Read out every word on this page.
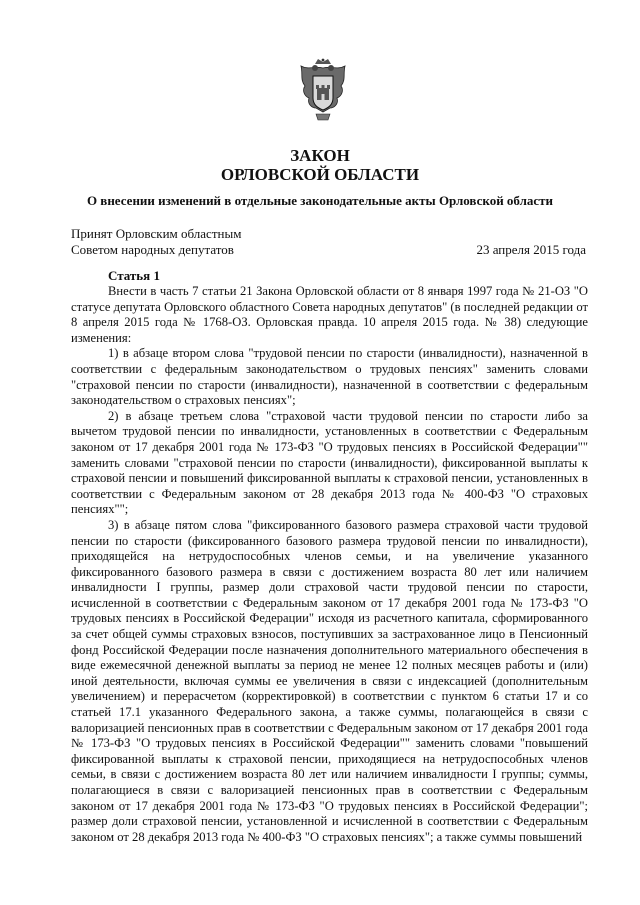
ЗАКОН
ОРЛОВСКОЙ ОБЛАСТИ
О внесении изменений в отдельные законодательные акты Орловской области
Принят Орловским областным
Советом народных депутатов	23 апреля 2015 года
Статья 1

Внести в часть 7 статьи 21 Закона Орловской области от 8 января 1997 года № 21-ОЗ "О статусе депутата Орловского областного Совета народных депутатов" (в последней редакции от 8 апреля 2015 года № 1768-ОЗ. Орловская правда. 10 апреля 2015 года. № 38) следующие изменения:

1) в абзаце втором слова "трудовой пенсии по старости (инвалидности), назначенной в соответствии с федеральным законодательством о трудовых пенсиях" заменить словами "страховой пенсии по старости (инвалидности), назначенной в соответствии с федеральным законодательством о страховых пенсиях";

2) в абзаце третьем слова "страховой части трудовой пенсии по старости либо за вычетом трудовой пенсии по инвалидности, установленных в соответствии с Федеральным законом от 17 декабря 2001 года № 173-ФЗ "О трудовых пенсиях в Российской Федерации"" заменить словами "страховой пенсии по старости (инвалидности), фиксированной выплаты к страховой пенсии и повышений фиксированной выплаты к страховой пенсии, установленных в соответствии с Федеральным законом от 28 декабря 2013 года № 400-ФЗ "О страховых пенсиях"";

3) в абзаце пятом слова "фиксированного базового размера страховой части трудовой пенсии по старости (фиксированного базового размера трудовой пенсии по инвалидности), приходящейся на нетрудоспособных членов семьи, и на увеличение указанного фиксированного базового размера в связи с достижением возраста 80 лет или наличием инвалидности I группы, размер доли страховой части трудовой пенсии по старости, исчисленной в соответствии с Федеральным законом от 17 декабря 2001 года № 173-ФЗ "О трудовых пенсиях в Российской Федерации" исходя из расчетного капитала, сформированного за счет общей суммы страховых взносов, поступивших за застрахованное лицо в Пенсионный фонд Российской Федерации после назначения дополнительного материального обеспечения в виде ежемесячной денежной выплаты за период не менее 12 полных месяцев работы и (или) иной деятельности, включая суммы ее увеличения в связи с индексацией (дополнительным увеличением) и перерасчетом (корректировкой) в соответствии с пунктом 6 статьи 17 и со статьей 17.1 указанного Федерального закона, а также суммы, полагающейся в связи с валоризацией пенсионных прав в соответствии с Федеральным законом от 17 декабря 2001 года № 173-ФЗ "О трудовых пенсиях в Российской Федерации"" заменить словами "повышений фиксированной выплаты к страховой пенсии, приходящиеся на нетрудоспособных членов семьи, в связи с достижением возраста 80 лет или наличием инвалидности I группы; суммы, полагающиеся в связи с валоризацией пенсионных прав в соответствии с Федеральным законом от 17 декабря 2001 года № 173-ФЗ "О трудовых пенсиях в Российской Федерации"; размер доли страховой пенсии, установленной и исчисленной в соответствии с Федеральным законом от 28 декабря 2013 года № 400-ФЗ "О страховых пенсиях"; а также суммы повышений
